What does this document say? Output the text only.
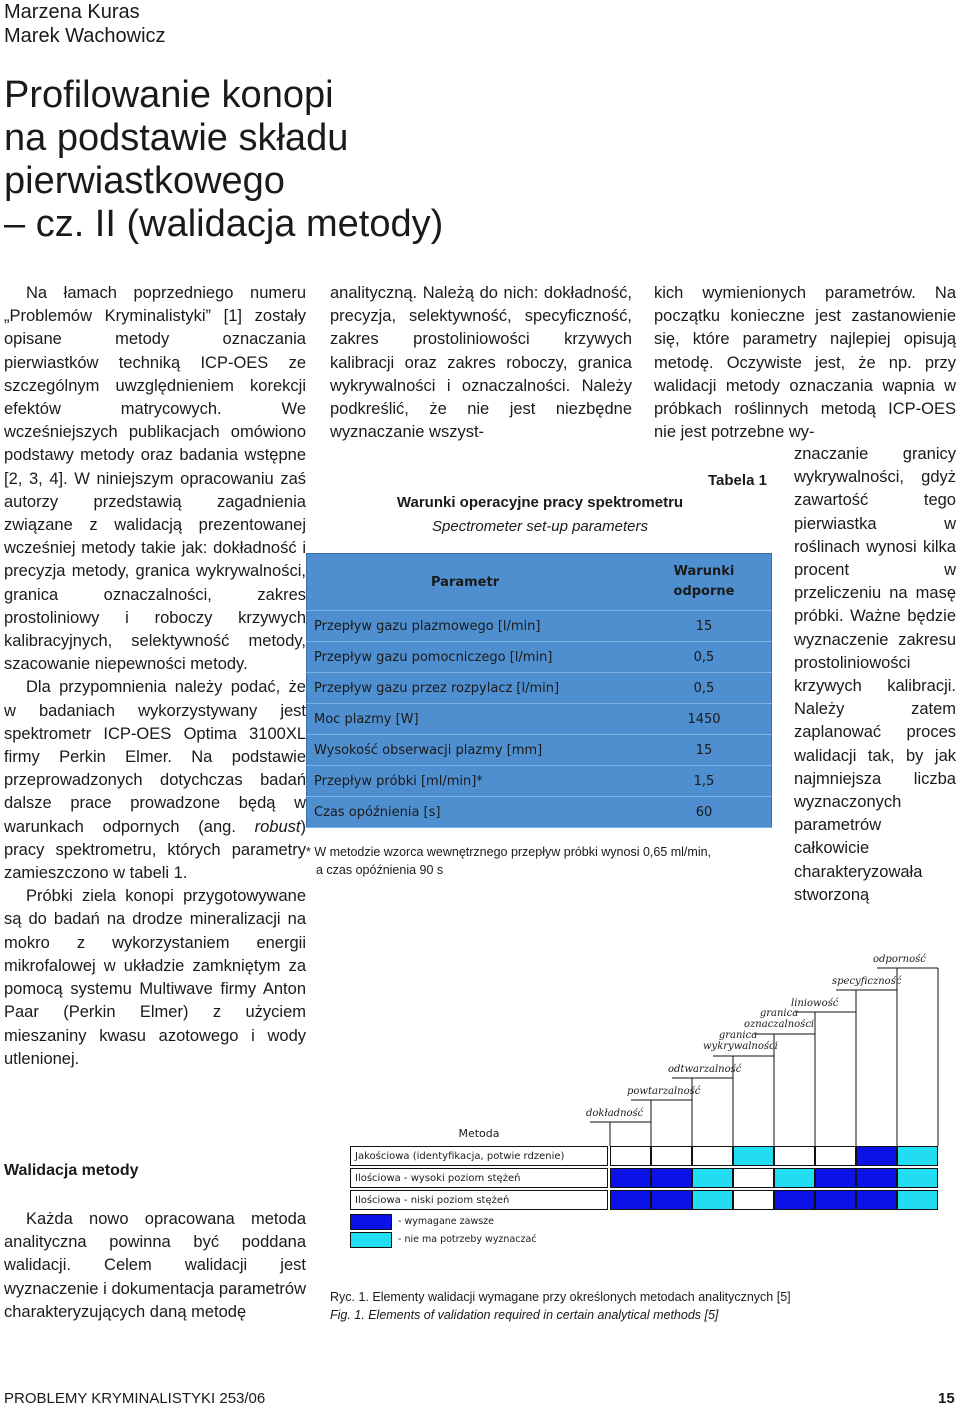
Marzena Kuras
Marek Wachowicz
Profilowanie konopi
na podstawie składu
pierwiastkowego
– cz. II (walidacja metody)

Na łamach poprzedniego numeru „Problemów Kryminalistyki” [1] zostały opisane metody oznaczania pierwiastków techniką ICP-OES ze szczególnym uwzględnieniem korekcji efektów matrycowych. We wcześniejszych publikacjach omówiono podstawy metody oraz badania wstępne [2, 3, 4]. W niniejszym opracowaniu zaś autorzy przedstawią zagadnienia związane z walidacją prezentowanej wcześniej metody takie jak: dokładność i precyzja metody, granica wykrywalności, granica oznaczalności, zakres prostoliniowy i roboczy krzywych kalibracyjnych, selektywność metody, szacowanie niepewności metody.

Dla przypomnienia należy podać, że w badaniach wykorzystywany jest spektrometr ICP-OES Optima 3100XL firmy Perkin Elmer. Na podstawie przeprowadzonych dotychczas badań dalsze prace prowadzone będą w warunkach odpornych (ang. robust) pracy spektrometru, których parametry zamieszczono w tabeli 1.

Próbki ziela konopi przygotowywane są do badań na drodze mineralizacji na mokro z wykorzystaniem energii mikrofalowej w układzie zamkniętym za pomocą systemu Multiwave firmy Anton Paar (Perkin Elmer) z użyciem mieszaniny kwasu azotowego i wody utlenionej.

Walidacja metody

Każda nowo opracowana metoda analityczna powinna być poddana walidacji. Celem walidacji jest wyznaczenie i dokumentacja parametrów charakteryzujących daną metodę

analityczną. Należą do nich: dokładność, precyzja, selektywność, specyficzność, zakres prostoliniowości krzywych kalibracji oraz zakres roboczy, granica wykrywalności i oznaczalności. Należy podkreślić, że nie jest niezbędne wyznaczanie wszyst-

kich wymienionych parametrów. Na początku konieczne jest zastanowienie się, które parametry najlepiej opisują metodę. Oczywiste jest, że np. przy walidacji metody oznaczania wapnia w próbkach roślinnych metodą ICP-OES nie jest potrzebne wy-

znaczanie granicy wykrywalności, gdyż zawartość tego pierwiastka w roślinach wynosi kilka procent w przeliczeniu na masę próbki. Ważne będzie wyznaczenie zakresu prostoliniowości krzywych kalibracji. Należy zatem zaplanować proces walidacji tak, by jak najmniejsza liczba wyznaczonych parametrów całkowicie charakteryzowała stworzoną

Tabela 1
Warunki operacyjne pracy spektrometru
Spectrometer set-up parameters
Parametr	Warunki
odporne

Przepływ gazu plazmowego [l/min]	15
Przepływ gazu pomocniczego [l/min]	0,5
Przepływ gazu przez rozpylacz [l/min]	0,5
Moc plazmy [W]	1450
Wysokość obserwacji plazmy [mm]	15
Przepływ próbki [ml/min]*	1,5
Czas opóźnienia [s]	60
* W metodzie wzorca wewnętrznego przepływ próbki wynosi 0,65 ml/min,
a czas opóźnienia 90 s
dokładność
powtarzalność
odtwarzalność
granica wykrywalności
granica oznaczalności
liniowość
specyficzność
odporność
Metoda
Jakościowa (identyfikacja, potwie rdzenie)
Ilościowa - wysoki poziom stężeń
Ilościowa - niski poziom stężeń
- wymagane zawsze
- nie ma potrzeby wyznaczać
Ryc. 1. Elementy walidacji wymagane przy określonych metodach analitycznych [5]
Fig. 1. Elements of validation required in certain analytical methods [5]
PROBLEMY KRYMINALISTYKI 253/06	15
